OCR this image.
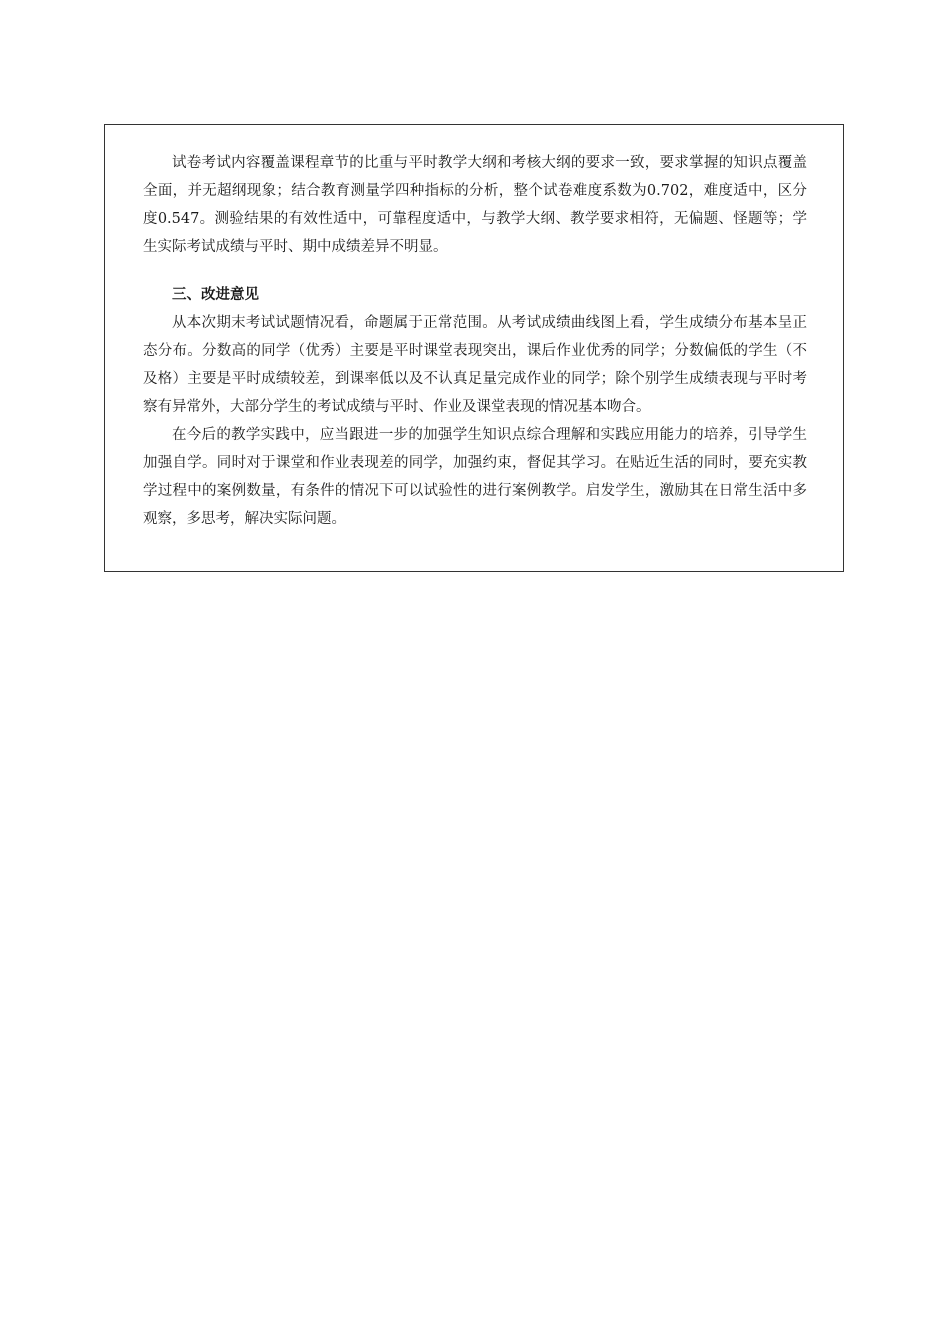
试卷考试内容覆盖课程章节的比重与平时教学大纲和考核大纲的要求一致，要求掌握的知识点覆盖全面，并无超纲现象；结合教育测量学四种指标的分析，整个试卷难度系数为0.702，难度适中，区分度0.547。测验结果的有效性适中，可靠程度适中，与教学大纲、教学要求相符，无偏题、怪题等；学生实际考试成绩与平时、期中成绩差异不明显。

三、改进意见

从本次期末考试试题情况看，命题属于正常范围。从考试成绩曲线图上看，学生成绩分布基本呈正态分布。分数高的同学（优秀）主要是平时课堂表现突出，课后作业优秀的同学；分数偏低的学生（不及格）主要是平时成绩较差，到课率低以及不认真足量完成作业的同学；除个别学生成绩表现与平时考察有异常外，大部分学生的考试成绩与平时、作业及课堂表现的情况基本吻合。

在今后的教学实践中，应当跟进一步的加强学生知识点综合理解和实践应用能力的培养，引导学生加强自学。同时对于课堂和作业表现差的同学，加强约束，督促其学习。在贴近生活的同时，要充实教学过程中的案例数量，有条件的情况下可以试验性的进行案例教学。启发学生，激励其在日常生活中多观察，多思考，解决实际问题。
